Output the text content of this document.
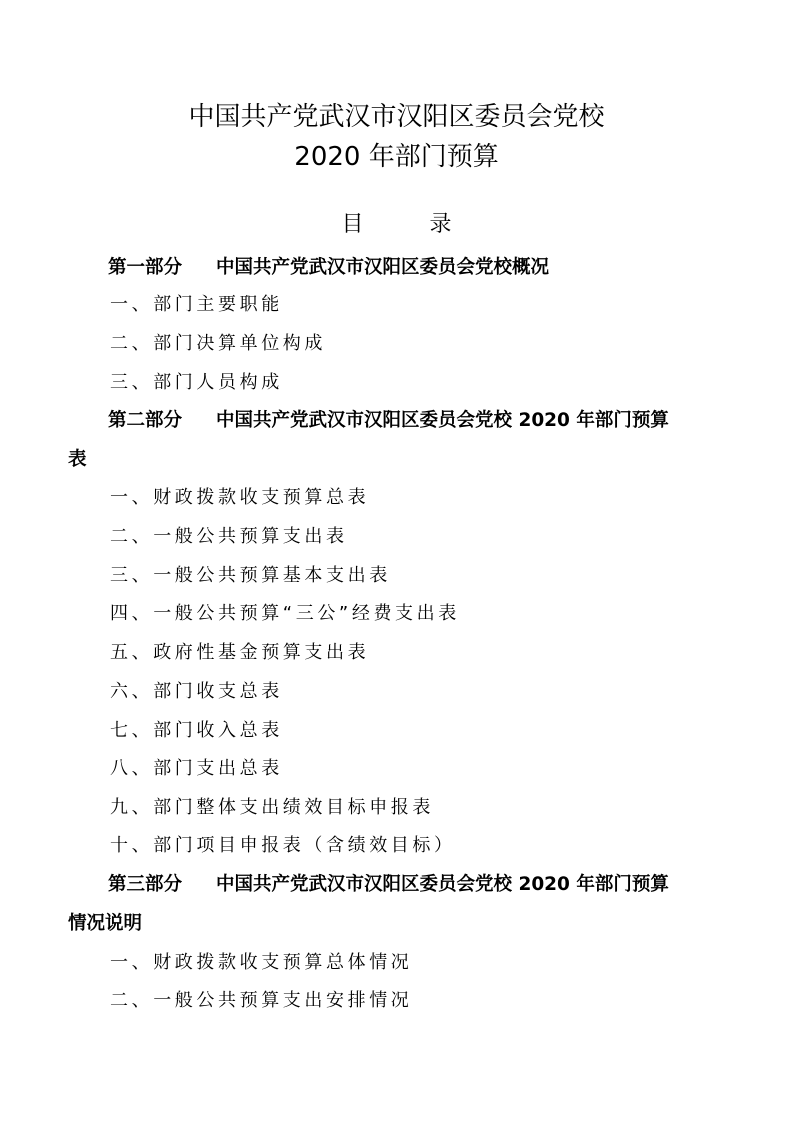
中国共产党武汉市汉阳区委员会党校
2020 年部门预算
目	录
第一部分 中国共产党武汉市汉阳区委员会党校概况
一、部门主要职能
二、部门决算单位构成
三、部门人员构成
第二部分 中国共产党武汉市汉阳区委员会党校 2020 年部门预算
表
一、财政拨款收支预算总表
二、一般公共预算支出表
三、一般公共预算基本支出表
四、一般公共预算“三公”经费支出表
五、政府性基金预算支出表
六、部门收支总表
七、部门收入总表
八、部门支出总表
九、部门整体支出绩效目标申报表
十、部门项目申报表（含绩效目标）
第三部分 中国共产党武汉市汉阳区委员会党校 2020 年部门预算
情况说明
一、财政拨款收支预算总体情况
二、一般公共预算支出安排情况
